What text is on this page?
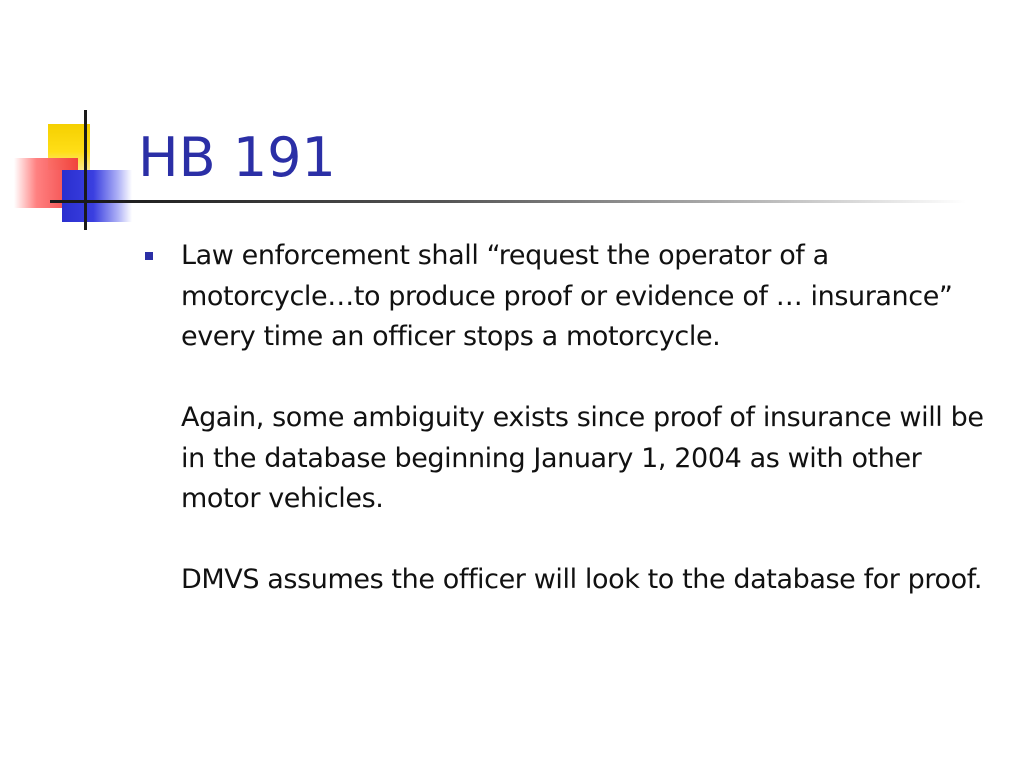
HB 191

Law enforcement shall “request the operator of a motorcycle…to produce proof or evidence of … insurance” every time an officer stops a motorcycle.

Again, some ambiguity exists since proof of insurance will be in the database beginning January 1, 2004 as with other motor vehicles.

DMVS assumes the officer will look to the database for proof.
